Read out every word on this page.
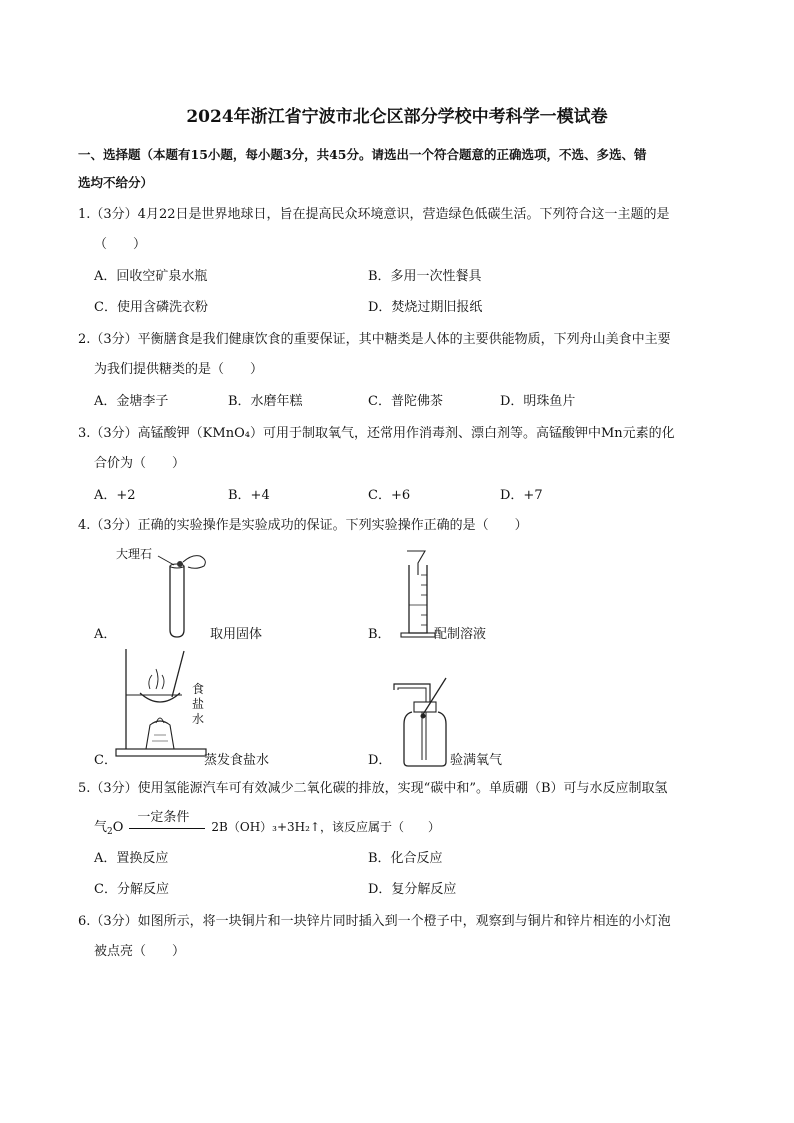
2024年浙江省宁波市北仑区部分学校中考科学一模试卷
一、选择题（本题有15小题，每小题3分，共45分。请选出一个符合题意的正确选项，不选、多选、错
选均不给分）
1.（3分）4月22日是世界地球日，旨在提高民众环境意识，营造绿色低碳生活。下列符合这一主题的是
（　　）
A．回收空矿泉水瓶	B．多用一次性餐具
C．使用含磷洗衣粉	D．焚烧过期旧报纸
2.（3分）平衡膳食是我们健康饮食的重要保证，其中糖类是人体的主要供能物质，下列舟山美食中主要
为我们提供糖类的是（　　）
A．金塘李子	B．水磨年糕	C．普陀佛茶	D．明珠鱼片
3.（3分）高锰酸钾（KMnO₄）可用于制取氧气，还常用作消毒剂、漂白剂等。高锰酸钾中Mn元素的化
合价为（　　）
A．+2	B．+4	C．+6	D．+7
4.（3分）正确的实验操作是实验成功的保证。下列实验操作正确的是（　　）
大理石
A．	取用固体	B．	配制溶液
食
盐
水
C．	蒸发食盐水	D．	验满氧气
5.（3分）使用氢能源汽车可有效减少二氧化碳的排放，实现“碳中和”。单质硼（B）可与水反应制取氢
气$_2$O
一定条件
2B（OH）₃+3H₂↑，该反应属于（　　）
A．置换反应	B．化合反应
C．分解反应	D．复分解反应
6.（3分）如图所示，将一块铜片和一块锌片同时插入到一个橙子中，观察到与铜片和锌片相连的小灯泡
被点亮（　　）
